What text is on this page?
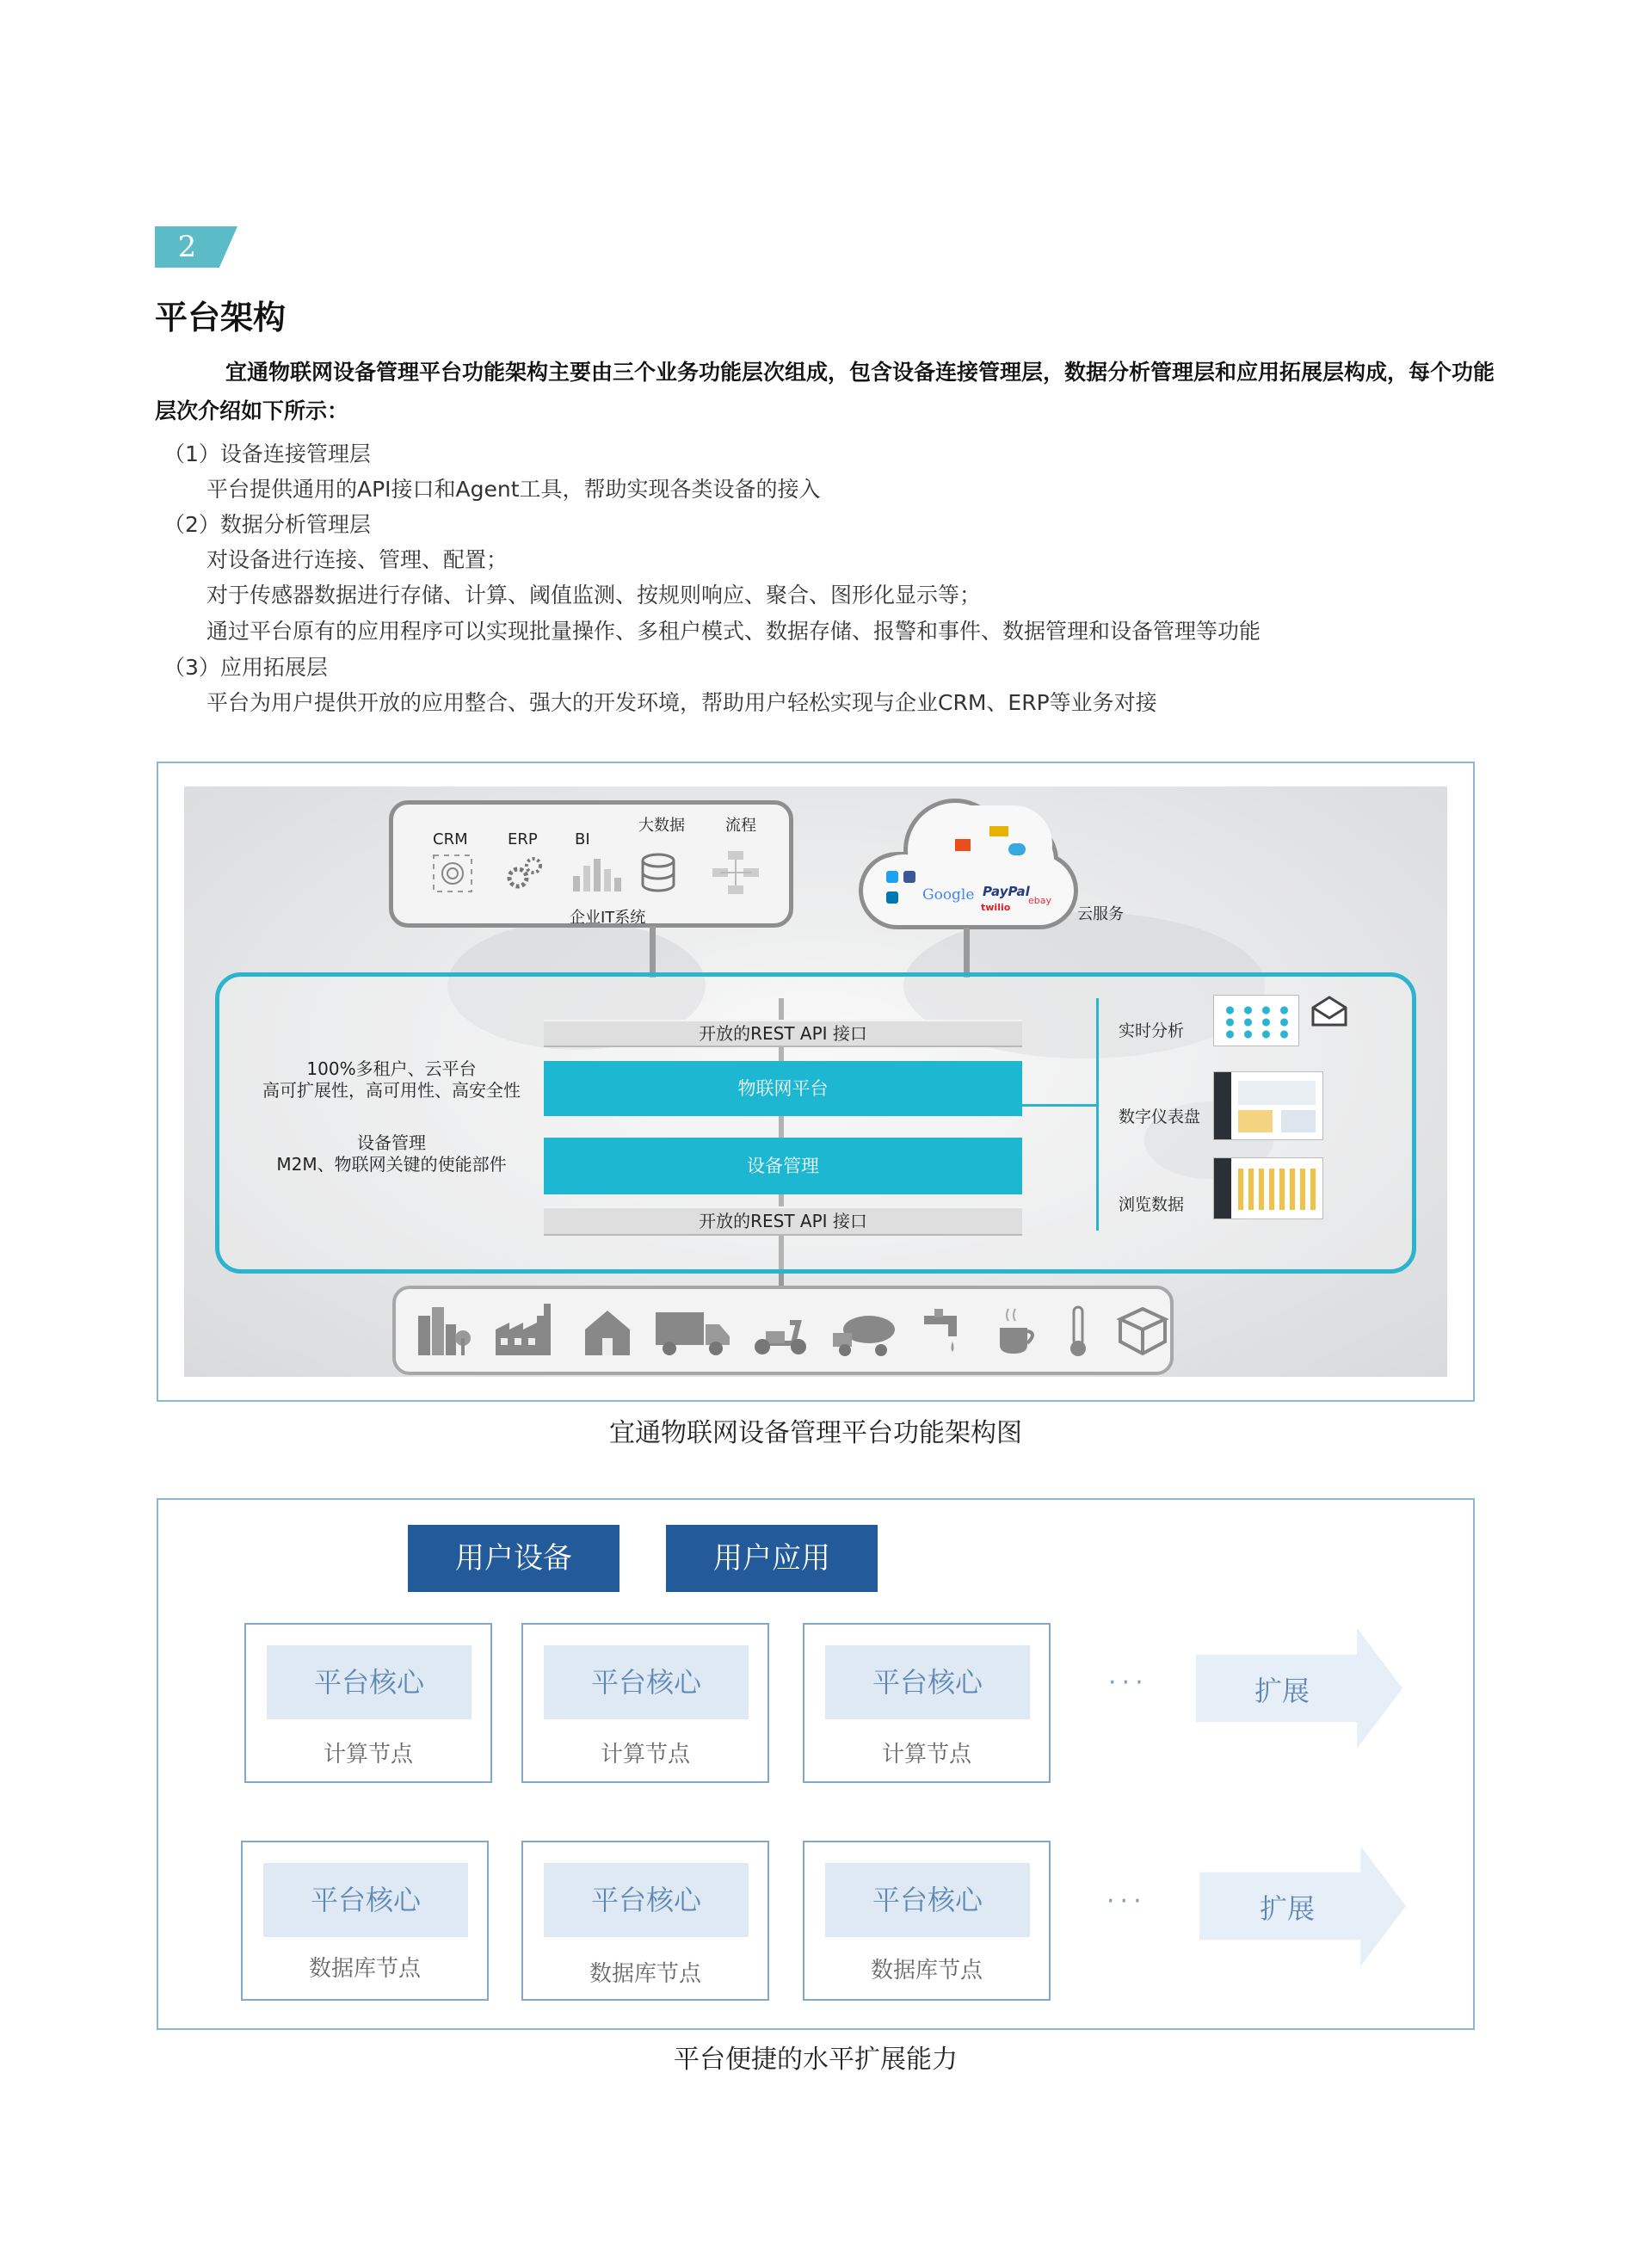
2
平台架构
宜通物联网设备管理平台功能架构主要由三个业务功能层次组成，包含设备连接管理层，数据分析管理层和应用拓展层构成，每个功能层次介绍如下所示：
（1）设备连接管理层
平台提供通用的API接口和Agent工具，帮助实现各类设备的接入
（2）数据分析管理层
对设备进行连接、管理、配置；
对于传感器数据进行存储、计算、阈值监测、按规则响应、聚合、图形化显示等；
通过平台原有的应用程序可以实现批量操作、多租户模式、数据存储、报警和事件、数据管理和设备管理等功能
（3）应用拓展层
平台为用户提供开放的应用整合、强大的开发环境，帮助用户轻松实现与企业CRM、ERP等业务对接
CRM	ERP BI
大数据	流程
企业IT系统
Google PayPal
twilio
ebay
云服务
开放的REST API 接口
物联网平台
设备管理
开放的REST API 接口
100%多租户、云平台
高可扩展性，高可用性、高安全性
设备管理
M2M、物联网关键的使能部件
实时分析
数字仪表盘
浏览数据
宜通物联网设备管理平台功能架构图
用户设备	用户应用
平台核心
计算节点
平台核心
计算节点
平台核心
计算节点
···	扩展
平台核心
数据库节点
平台核心
数据库节点
平台核心
数据库节点
···	扩展
平台便捷的水平扩展能力
